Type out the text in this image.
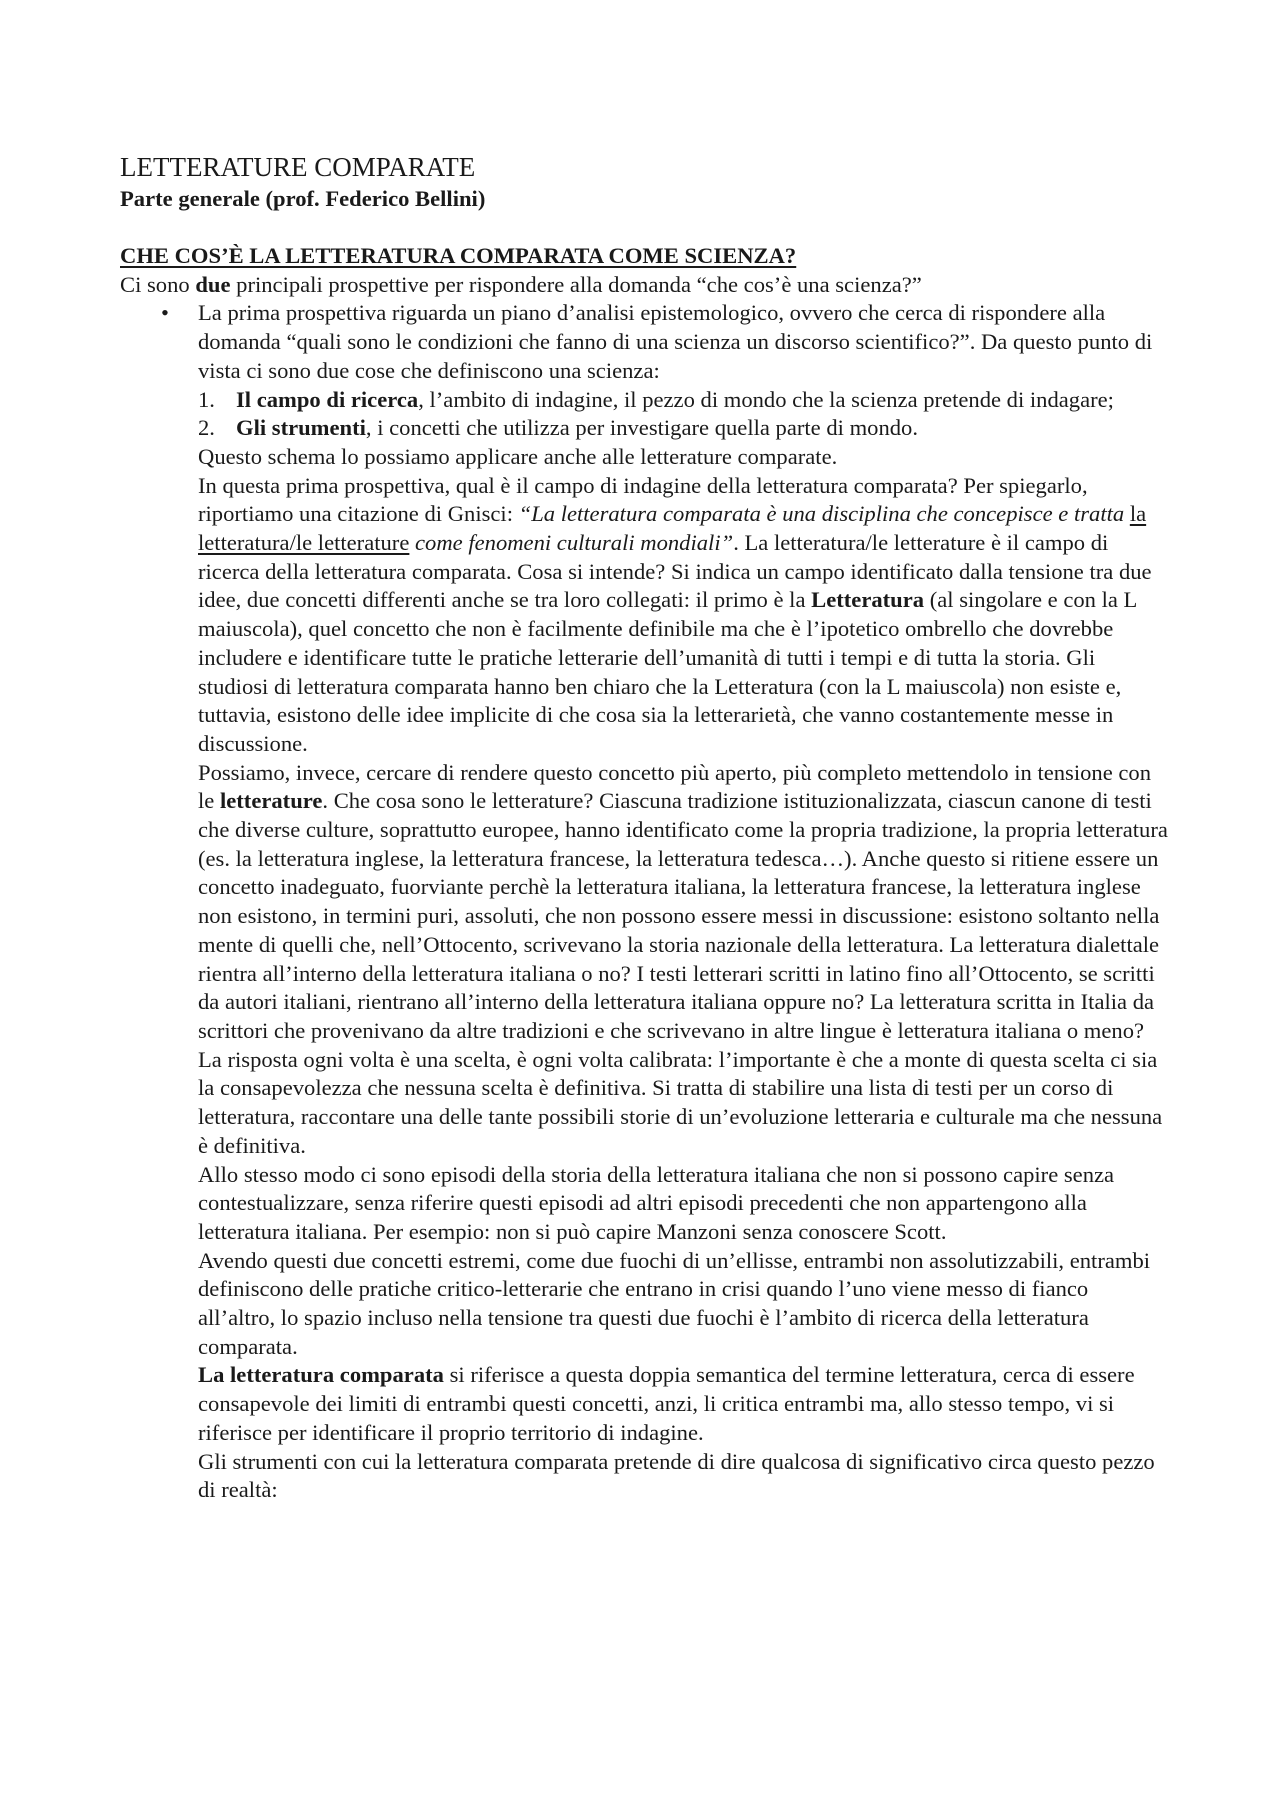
LETTERATURE COMPARATE

Parte generale (prof. Federico Bellini)

CHE COS’È LA LETTERATURA COMPARATA COME SCIENZA?

Ci sono due principali prospettive per rispondere alla domanda “che cos’è una scienza?”

• La prima prospettiva riguarda un piano d’analisi epistemologico, ovvero che cerca di rispondere alla domanda “quali sono le condizioni che fanno di una scienza un discorso scientifico?”. Da questo punto di vista ci sono due cose che definiscono una scienza:

1. Il campo di ricerca, l’ambito di indagine, il pezzo di mondo che la scienza pretende di indagare;
2. Gli strumenti, i concetti che utilizza per investigare quella parte di mondo.

Questo schema lo possiamo applicare anche alle letterature comparate.

In questa prima prospettiva, qual è il campo di indagine della letteratura comparata? Per spiegarlo, riportiamo una citazione di Gnisci: “La letteratura comparata è una disciplina che concepisce e tratta la letteratura/le letterature come fenomeni culturali mondiali”. La letteratura/le letterature è il campo di ricerca della letteratura comparata. Cosa si intende? Si indica un campo identificato dalla tensione tra due idee, due concetti differenti anche se tra loro collegati: il primo è la Letteratura (al singolare e con la L maiuscola), quel concetto che non è facilmente definibile ma che è l’ipotetico ombrello che dovrebbe includere e identificare tutte le pratiche letterarie dell’umanità di tutti i tempi e di tutta la storia. Gli studiosi di letteratura comparata hanno ben chiaro che la Letteratura (con la L maiuscola) non esiste e, tuttavia, esistono delle idee implicite di che cosa sia la letterarietà, che vanno costantemente messe in discussione.

Possiamo, invece, cercare di rendere questo concetto più aperto, più completo mettendolo in tensione con le letterature. Che cosa sono le letterature? Ciascuna tradizione istituzionalizzata, ciascun canone di testi che diverse culture, soprattutto europee, hanno identificato come la propria tradizione, la propria letteratura (es. la letteratura inglese, la letteratura francese, la letteratura tedesca…). Anche questo si ritiene essere un concetto inadeguato, fuorviante perchè la letteratura italiana, la letteratura francese, la letteratura inglese non esistono, in termini puri, assoluti, che non possono essere messi in discussione: esistono soltanto nella mente di quelli che, nell’Ottocento, scrivevano la storia nazionale della letteratura. La letteratura dialettale rientra all’interno della letteratura italiana o no? I testi letterari scritti in latino fino all’Ottocento, se scritti da autori italiani, rientrano all’interno della letteratura italiana oppure no? La letteratura scritta in Italia da scrittori che provenivano da altre tradizioni e che scrivevano in altre lingue è letteratura italiana o meno? La risposta ogni volta è una scelta, è ogni volta calibrata: l’importante è che a monte di questa scelta ci sia la consapevolezza che nessuna scelta è definitiva. Si tratta di stabilire una lista di testi per un corso di letteratura, raccontare una delle tante possibili storie di un’evoluzione letteraria e culturale ma che nessuna è definitiva.

Allo stesso modo ci sono episodi della storia della letteratura italiana che non si possono capire senza contestualizzare, senza riferire questi episodi ad altri episodi precedenti che non appartengono alla letteratura italiana. Per esempio: non si può capire Manzoni senza conoscere Scott.

Avendo questi due concetti estremi, come due fuochi di un’ellisse, entrambi non assolutizzabili, entrambi definiscono delle pratiche critico-letterarie che entrano in crisi quando l’uno viene messo di fianco all’altro, lo spazio incluso nella tensione tra questi due fuochi è l’ambito di ricerca della letteratura comparata.

La letteratura comparata si riferisce a questa doppia semantica del termine letteratura, cerca di essere consapevole dei limiti di entrambi questi concetti, anzi, li critica entrambi ma, allo stesso tempo, vi si riferisce per identificare il proprio territorio di indagine.

Gli strumenti con cui la letteratura comparata pretende di dire qualcosa di significativo circa questo pezzo di realtà:
